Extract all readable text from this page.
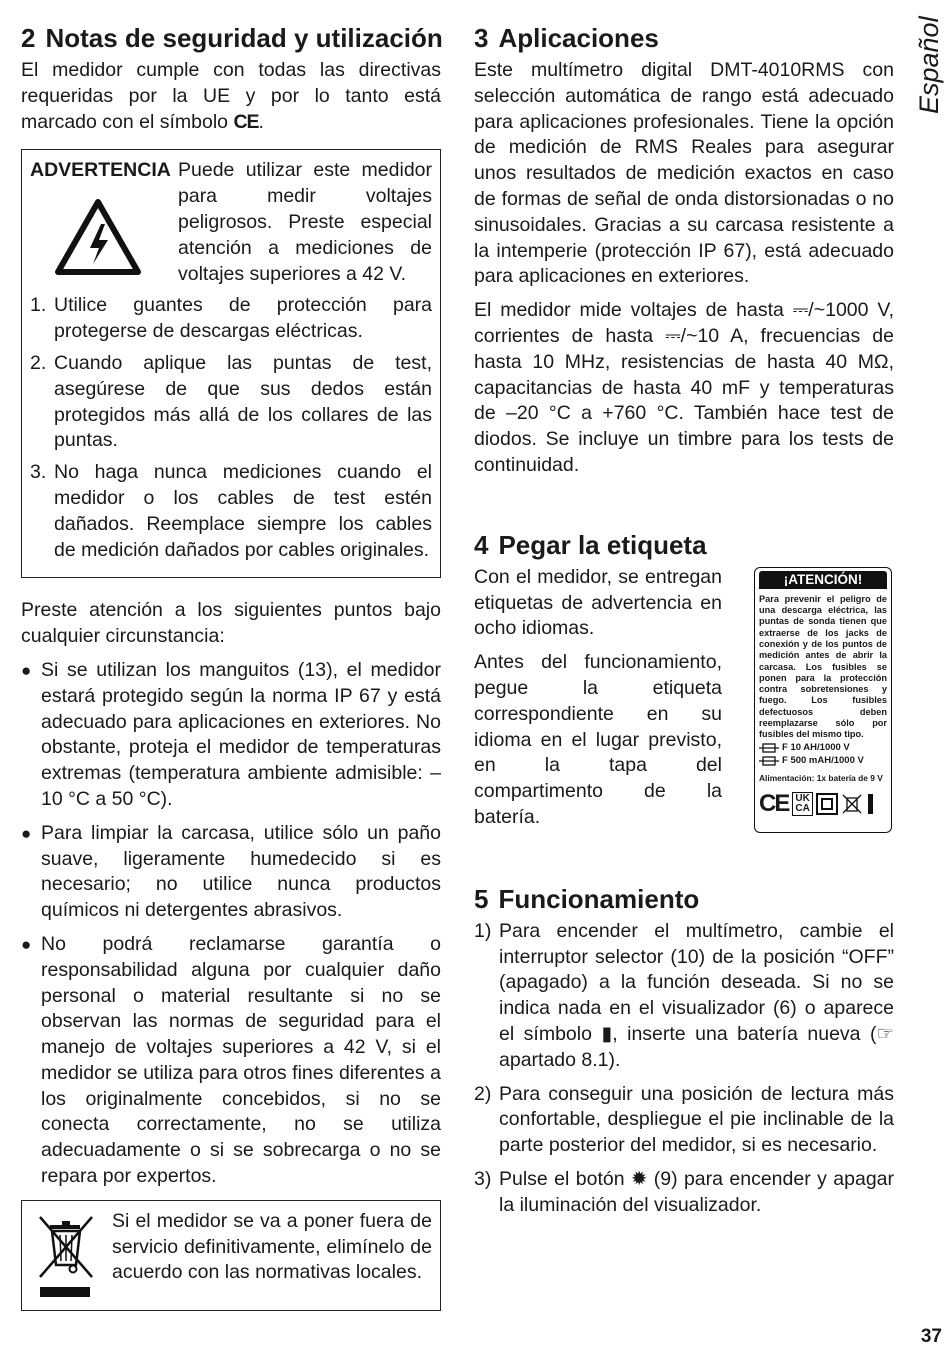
2 Notas de seguridad y utilización

El medidor cumple con todas las directivas requeridas por la UE y por lo tanto está marcado con el símbolo CE.

ADVERTENCIA Puede utilizar este medidor para medir voltajes peligrosos. Preste especial atención a mediciones de voltajes superiores a 42 V.
1. Utilice guantes de protección para protegerse de descargas eléctricas.
2. Cuando aplique las puntas de test, asegúrese de que sus dedos están protegidos más allá de los collares de las puntas.
3. No haga nunca mediciones cuando el medidor o los cables de test estén dañados. Reemplace siempre los cables de medición dañados por cables originales.

Preste atención a los siguientes puntos bajo cualquier circunstancia:

● Si se utilizan los manguitos (13), el medidor estará protegido según la norma IP 67 y está adecuado para aplicaciones en exteriores. No obstante, proteja el medidor de temperaturas extremas (temperatura ambiente admisible: –10 °C a 50 °C).
● Para limpiar la carcasa, utilice sólo un paño suave, ligeramente humedecido si es necesario; no utilice nunca productos químicos ni detergentes abrasivos.
● No podrá reclamarse garantía o responsabilidad alguna por cualquier daño personal o material resultante si no se observan las normas de seguridad para el manejo de voltajes superiores a 42 V, si el medidor se utiliza para otros fines diferentes a los originalmente concebidos, si no se conecta correctamente, no se utiliza adecuadamente o si se sobrecarga o no se repara por expertos.
Si el medidor se va a poner fuera de servicio definitivamente, elimínelo de acuerdo con las normativas locales.
3 Aplicaciones

Este multímetro digital DMT-4010RMS con selección automática de rango está adecuado para aplicaciones profesionales. Tiene la opción de medición de RMS Reales para asegurar unos resultados de medición exactos en caso de formas de señal de onda distorsionadas o no sinusoidales. Gracias a su carcasa resistente a la intemperie (protección IP 67), está adecuado para aplicaciones en exteriores.

El medidor mide voltajes de hasta ⎓/~1000 V, corrientes de hasta ⎓/~10 A, frecuencias de hasta 10 MHz, resistencias de hasta 40 MΩ, capacitancias de hasta 40 mF y temperaturas de –20 °C a +760 °C. También hace test de diodos. Se incluye un timbre para los tests de continuidad.

4 Pegar la etiqueta

Con el medidor, se entregan etiquetas de advertencia en ocho idiomas.

Antes del funcionamiento, pegue la etiqueta correspondiente en su idioma en el lugar previsto, en la tapa del compartimento de la batería.

¡ATENCIÓN!
Para prevenir el peligro de una descarga eléctrica, las puntas de sonda tienen que extraerse de los jacks de conexión y de los puntos de medición antes de abrir la carcasa. Los fusibles se ponen para la protección contra sobretensiones y fuego. Los fusibles defectuosos deben reemplazarse sólo por fusibles del mismo tipo.
F 10 AH/1000 V
F 500 mAH/1000 V
Alimentación: 1x batería de 9 V
CE UK
CA
5 Funcionamiento
1) Para encender el multímetro, cambie el interruptor selector (10) de la posición “OFF” (apagado) a la función deseada. Si no se indica nada en el visualizador (6) o aparece el símbolo ▮, inserte una batería nueva (☞ apartado 8.1).
2) Para conseguir una posición de lectura más confortable, despliegue el pie inclinable de la parte posterior del medidor, si es necesario.
3) Pulse el botón ✹ (9) para encender y apagar la iluminación del visualizador.
Español
37
